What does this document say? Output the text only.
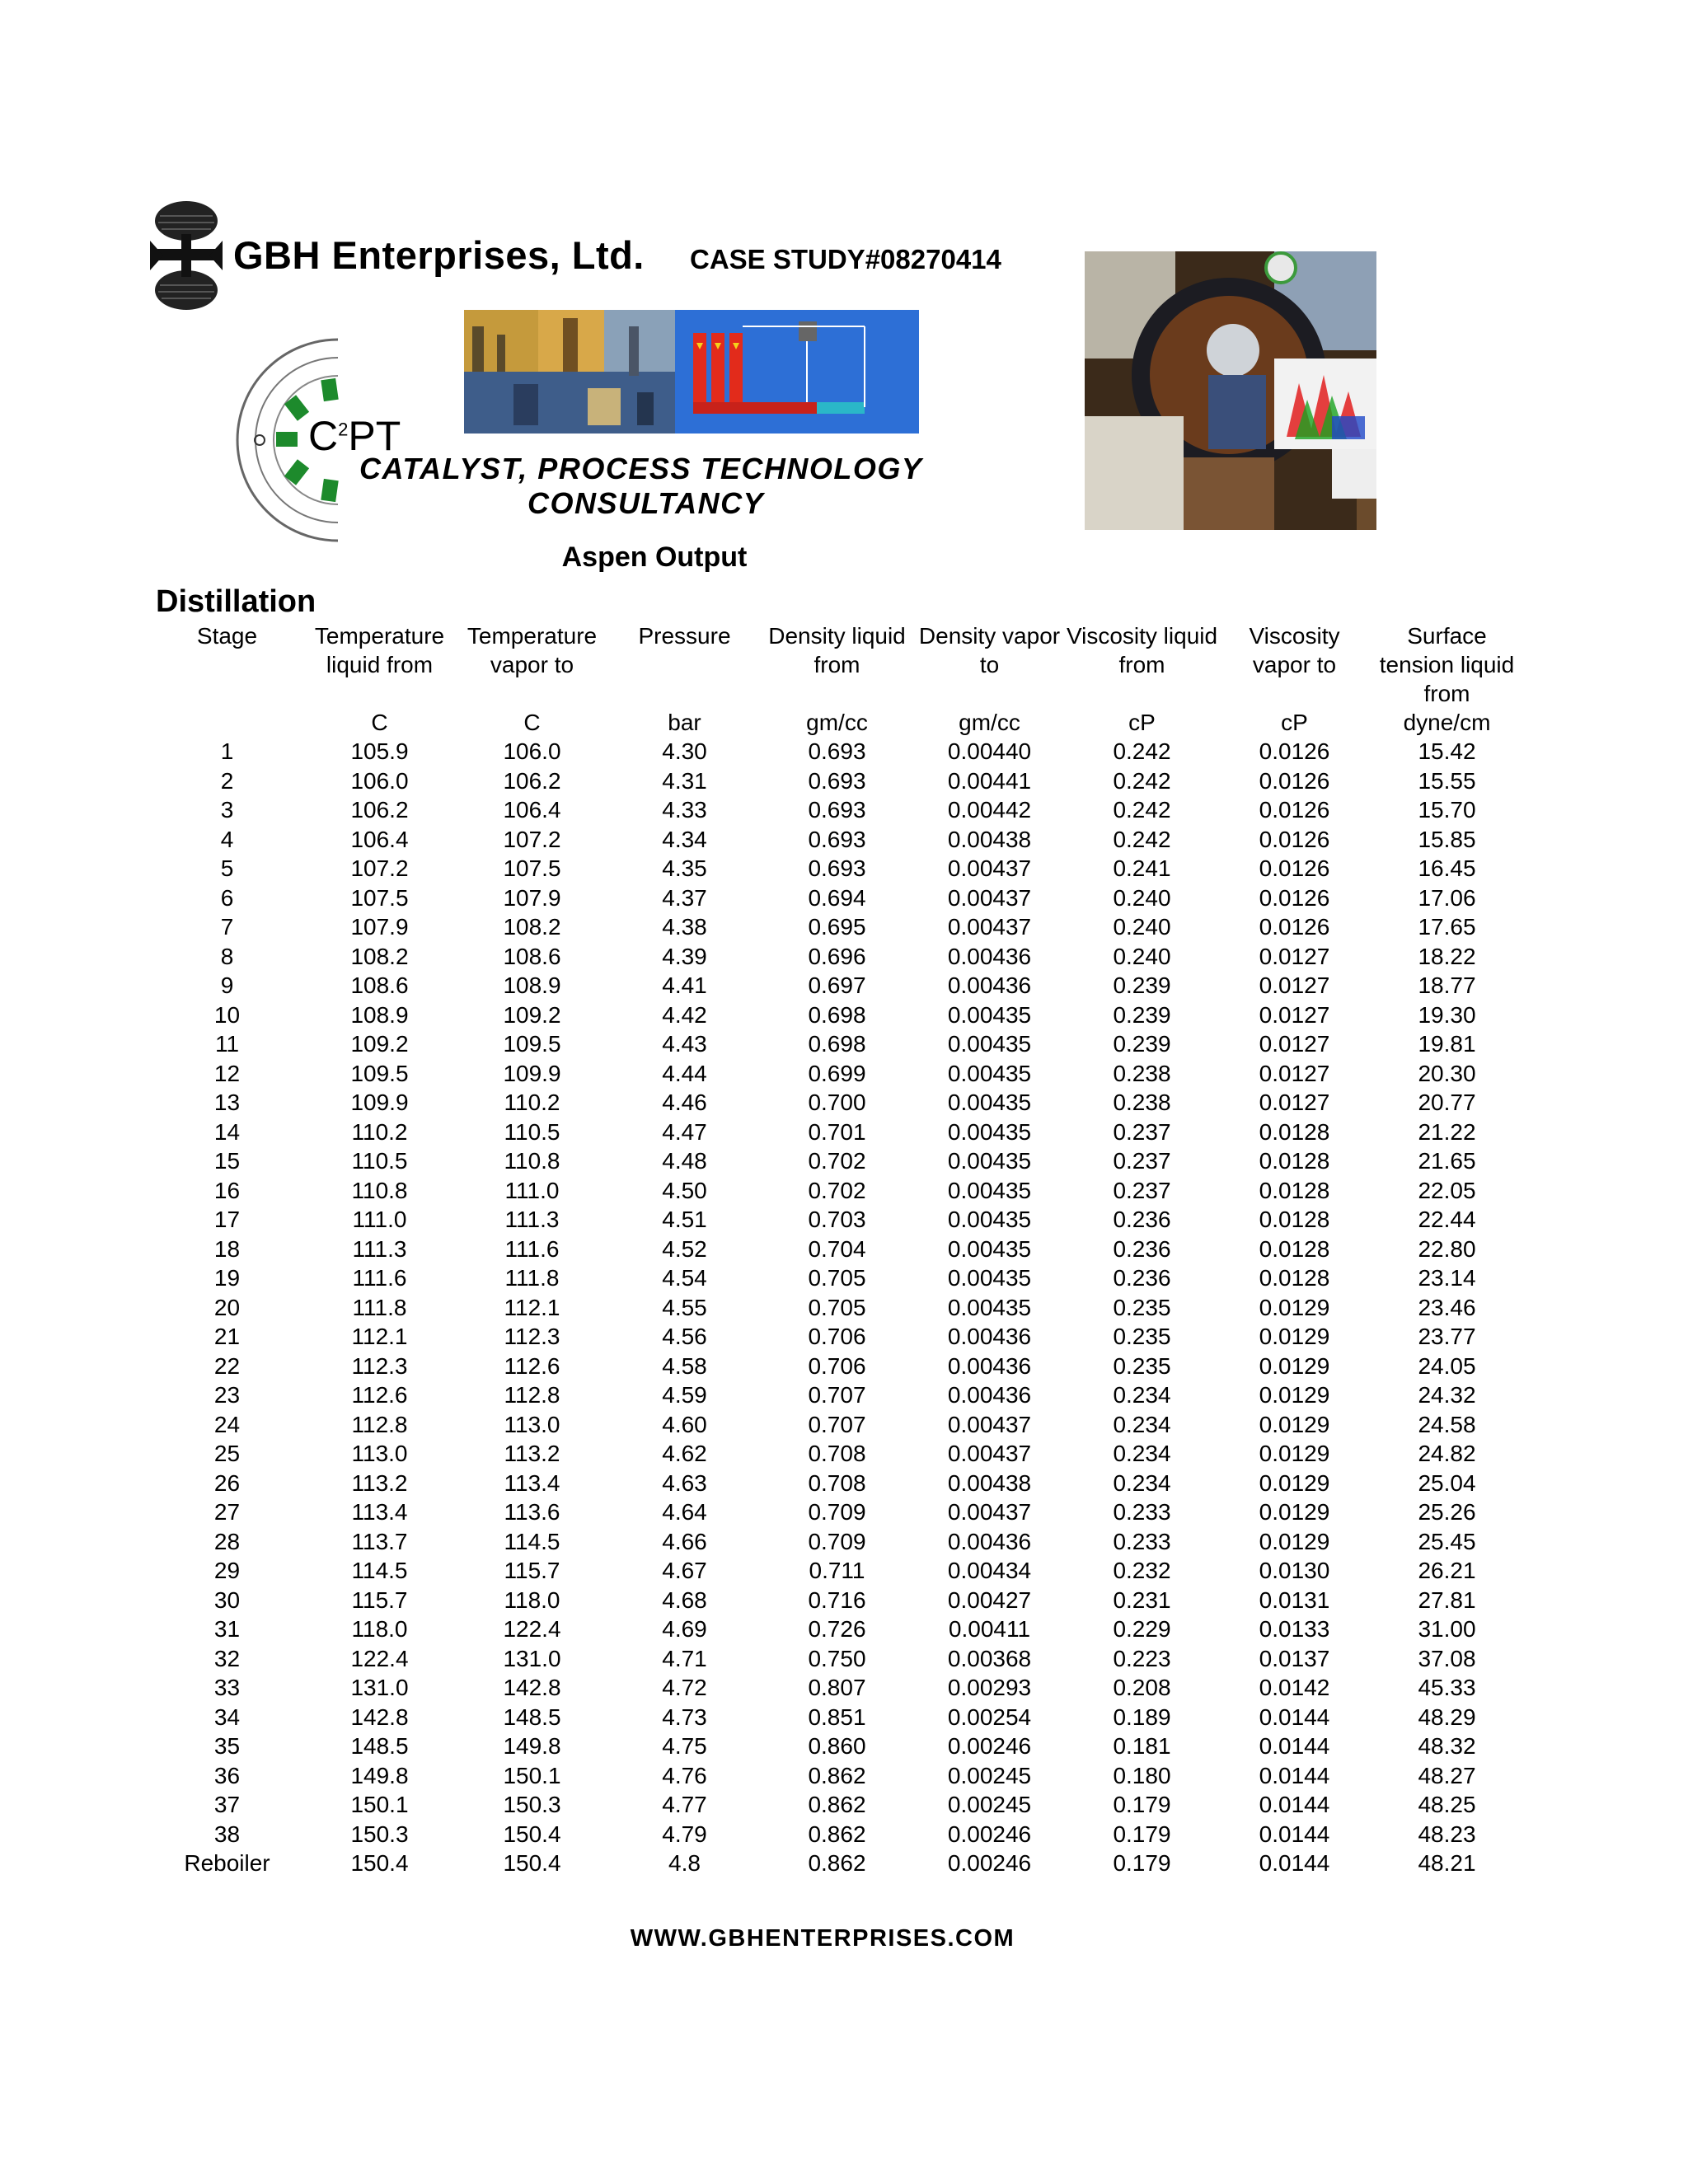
GBH Enterprises, Ltd. CASE STUDY#08270414
$C^2PT$
CATALYST, PROCESS TECHNOLOGY
CONSULTANCY
Aspen Output
Distillation
Stage	Temperature liquid from	Temperature vapor to	Pressure	Density liquid from	Density vapor to	Viscosity liquid from	Viscosity vapor to	Surface tension liquid from
	C	C	bar	gm/cc	gm/cc	cP	cP	dyne/cm
1	105.9	106.0	4.30	0.693	0.00440	0.242	0.0126	15.42
2	106.0	106.2	4.31	0.693	0.00441	0.242	0.0126	15.55
3	106.2	106.4	4.33	0.693	0.00442	0.242	0.0126	15.70
4	106.4	107.2	4.34	0.693	0.00438	0.242	0.0126	15.85
5	107.2	107.5	4.35	0.693	0.00437	0.241	0.0126	16.45
6	107.5	107.9	4.37	0.694	0.00437	0.240	0.0126	17.06
7	107.9	108.2	4.38	0.695	0.00437	0.240	0.0126	17.65
8	108.2	108.6	4.39	0.696	0.00436	0.240	0.0127	18.22
9	108.6	108.9	4.41	0.697	0.00436	0.239	0.0127	18.77
10	108.9	109.2	4.42	0.698	0.00435	0.239	0.0127	19.30
11	109.2	109.5	4.43	0.698	0.00435	0.239	0.0127	19.81
12	109.5	109.9	4.44	0.699	0.00435	0.238	0.0127	20.30
13	109.9	110.2	4.46	0.700	0.00435	0.238	0.0127	20.77
14	110.2	110.5	4.47	0.701	0.00435	0.237	0.0128	21.22
15	110.5	110.8	4.48	0.702	0.00435	0.237	0.0128	21.65
16	110.8	111.0	4.50	0.702	0.00435	0.237	0.0128	22.05
17	111.0	111.3	4.51	0.703	0.00435	0.236	0.0128	22.44
18	111.3	111.6	4.52	0.704	0.00435	0.236	0.0128	22.80
19	111.6	111.8	4.54	0.705	0.00435	0.236	0.0128	23.14
20	111.8	112.1	4.55	0.705	0.00435	0.235	0.0129	23.46
21	112.1	112.3	4.56	0.706	0.00436	0.235	0.0129	23.77
22	112.3	112.6	4.58	0.706	0.00436	0.235	0.0129	24.05
23	112.6	112.8	4.59	0.707	0.00436	0.234	0.0129	24.32
24	112.8	113.0	4.60	0.707	0.00437	0.234	0.0129	24.58
25	113.0	113.2	4.62	0.708	0.00437	0.234	0.0129	24.82
26	113.2	113.4	4.63	0.708	0.00438	0.234	0.0129	25.04
27	113.4	113.6	4.64	0.709	0.00437	0.233	0.0129	25.26
28	113.7	114.5	4.66	0.709	0.00436	0.233	0.0129	25.45
29	114.5	115.7	4.67	0.711	0.00434	0.232	0.0130	26.21
30	115.7	118.0	4.68	0.716	0.00427	0.231	0.0131	27.81
31	118.0	122.4	4.69	0.726	0.00411	0.229	0.0133	31.00
32	122.4	131.0	4.71	0.750	0.00368	0.223	0.0137	37.08
33	131.0	142.8	4.72	0.807	0.00293	0.208	0.0142	45.33
34	142.8	148.5	4.73	0.851	0.00254	0.189	0.0144	48.29
35	148.5	149.8	4.75	0.860	0.00246	0.181	0.0144	48.32
36	149.8	150.1	4.76	0.862	0.00245	0.180	0.0144	48.27
37	150.1	150.3	4.77	0.862	0.00245	0.179	0.0144	48.25
38	150.3	150.4	4.79	0.862	0.00246	0.179	0.0144	48.23
Reboiler	150.4	150.4	4.8	0.862	0.00246	0.179	0.0144	48.21
WWW.GBHENTERPRISES.COM
